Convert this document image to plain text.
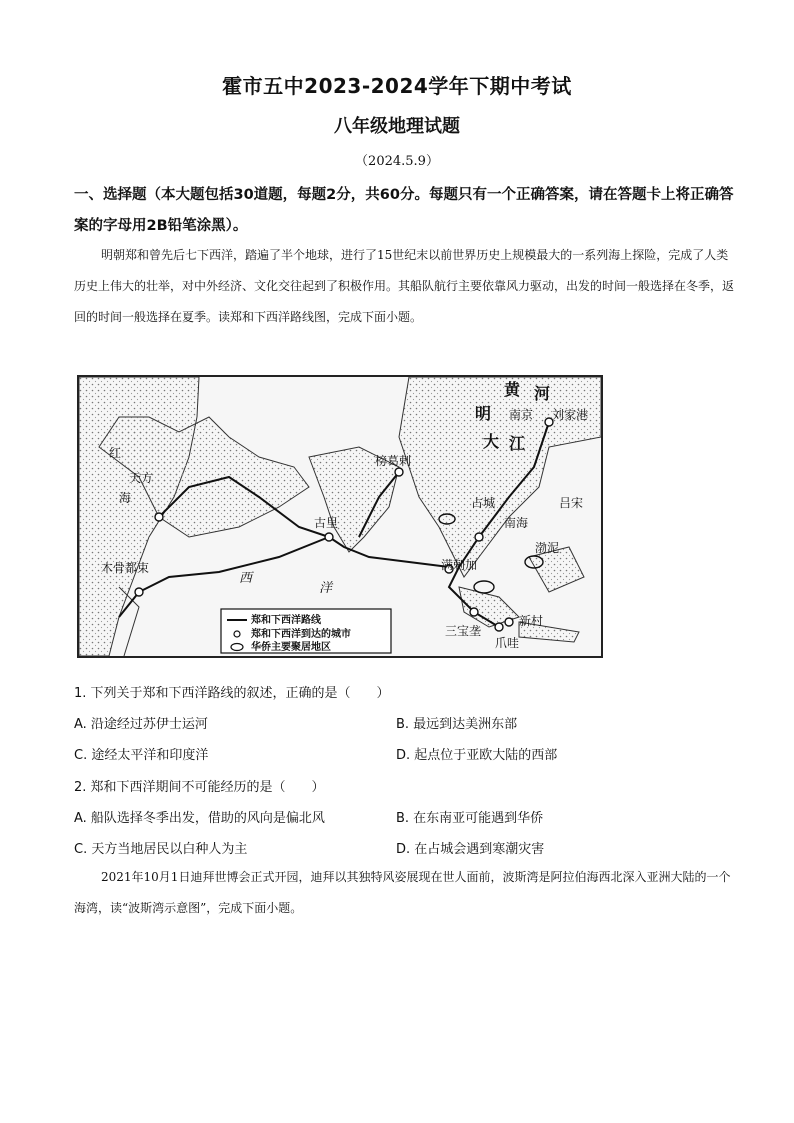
霍市五中2023-2024学年下期中考试
八年级地理试题
（2024.5.9）
一、选择题（本大题包括30道题，每题2分，共60分。每题只有一个正确答案，请在答题卡上将正确答案的字母用2B铅笔涂黑）。
明朝郑和曾先后七下西洋，踏遍了半个地球，进行了15世纪末以前世界历史上规模最大的一系列海上探险，完成了人类历史上伟大的壮举，对中外经济、文化交往起到了积极作用。其船队航行主要依靠风力驱动，出发的时间一般选择在冬季，返回的时间一般选择在夏季。读郑和下西洋路线图，完成下面小题。
黄 河
明 南京 刘家港
大 江
榜葛剌
天方
古里
占城
南海
吕宋
渤泥
木骨都束
西
洋
满剌加
三宝垄
新村
爪哇
红
海
郑和下西洋路线
郑和下西洋到达的城市
华侨主要聚居地区
1. 下列关于郑和下西洋路线的叙述，正确的是（　　）
A. 沿途经过苏伊士运河	B. 最远到达美洲东部
C. 途经太平洋和印度洋	D. 起点位于亚欧大陆的西部
2. 郑和下西洋期间不可能经历的是（　　）
A. 船队选择冬季出发，借助的风向是偏北风	B. 在东南亚可能遇到华侨
C. 天方当地居民以白种人为主	D. 在占城会遇到寒潮灾害
2021年10月1日迪拜世博会正式开园，迪拜以其独特风姿展现在世人面前，波斯湾是阿拉伯海西北深入亚洲大陆的一个海湾，读“波斯湾示意图”，完成下面小题。
